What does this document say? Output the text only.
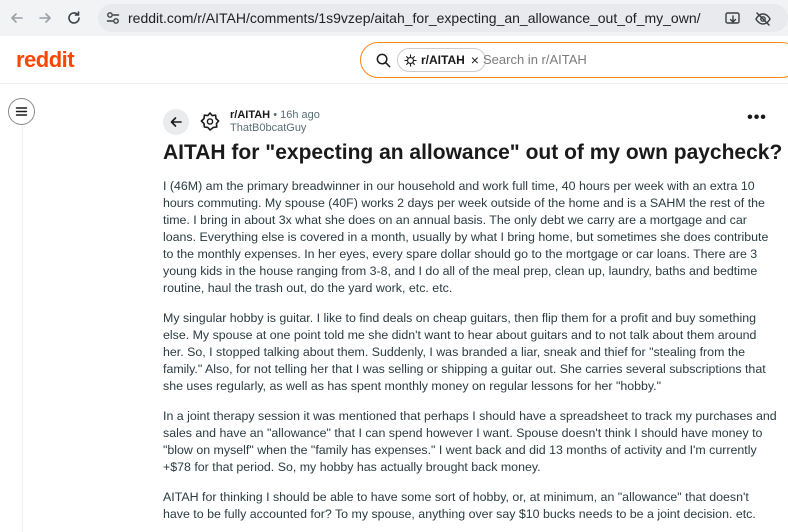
reddit.com/r/AITAH/comments/1s9vzep/aitah_for_expecting_an_allowance_out_of_my_own/
reddit	r/AITAH × Search in r/AITAH
r/AITAH • 16h ago
ThatB0bcatGuy
•••
AITAH for "expecting an allowance" out of my own paycheck?

I (46M) am the primary breadwinner in our household and work full time, 40 hours per week with an extra 10 hours commuting. My spouse (40F) works 2 days per week outside of the home and is a SAHM the rest of the time. I bring in about 3x what she does on an annual basis. The only debt we carry are a mortgage and car loans. Everything else is covered in a month, usually by what I bring home, but sometimes she does contribute to the monthly expenses. In her eyes, every spare dollar should go to the mortgage or car loans. There are 3 young kids in the house ranging from 3-8, and I do all of the meal prep, clean up, laundry, baths and bedtime routine, haul the trash out, do the yard work, etc. etc.

My singular hobby is guitar. I like to find deals on cheap guitars, then flip them for a profit and buy something else. My spouse at one point told me she didn't want to hear about guitars and to not talk about them around her. So, I stopped talking about them. Suddenly, I was branded a liar, sneak and thief for "stealing from the family." Also, for not telling her that I was selling or shipping a guitar out. She carries several subscriptions that she uses regularly, as well as has spent monthly money on regular lessons for her "hobby."

In a joint therapy session it was mentioned that perhaps I should have a spreadsheet to track my purchases and sales and have an "allowance" that I can spend however I want. Spouse doesn't think I should have money to "blow on myself" when the "family has expenses." I went back and did 13 months of activity and I'm currently +$78 for that period. So, my hobby has actually brought back money.

AITAH for thinking I should be able to have some sort of hobby, or, at minimum, an "allowance" that doesn't have to be fully accounted for? To my spouse, anything over say $10 bucks needs to be a joint decision. etc.
